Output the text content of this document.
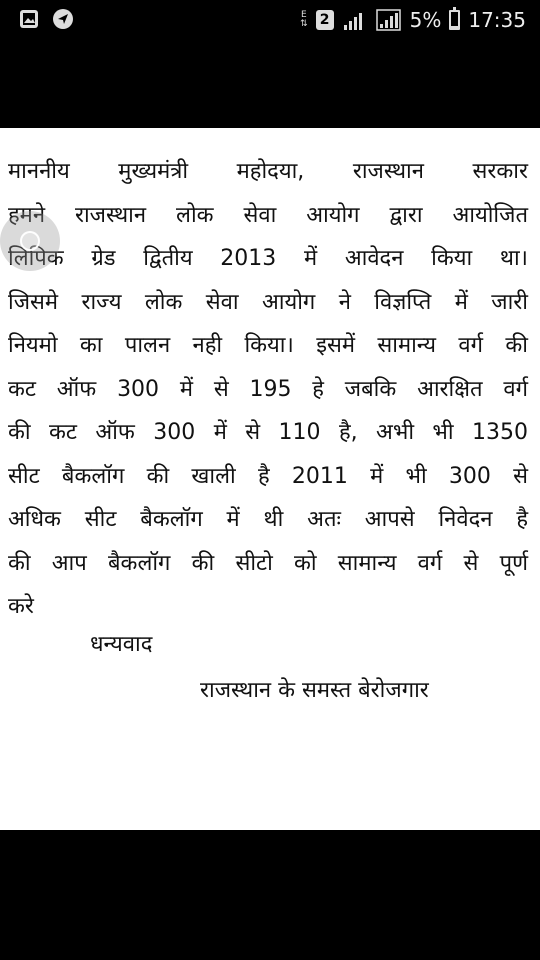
E
⇅ 2	5% 17:35
माननीय मुख्यमंत्री महोदया, राजस्थान सरकार
हमने राजस्थान लोक सेवा आयोग द्वारा आयोजित
लिपिक ग्रेड द्वितीय 2013 में आवेदन किया था।
जिसमे राज्य लोक सेवा आयोग ने विज्ञप्ति में जारी
नियमो का पालन नही किया। इसमें सामान्य वर्ग की
कट ऑफ 300 में से 195 हे जबकि आरक्षित वर्ग
की कट ऑफ 300 में से 110 है, अभी भी 1350
सीट बैकलॉग की खाली है 2011 में भी 300 से
अधिक सीट बैकलॉग में थी अतः आपसे निवेदन है
की आप बैकलॉग की सीटो को सामान्य वर्ग से पूर्ण
करे
धन्यवाद
राजस्थान के समस्त बेरोजगार
